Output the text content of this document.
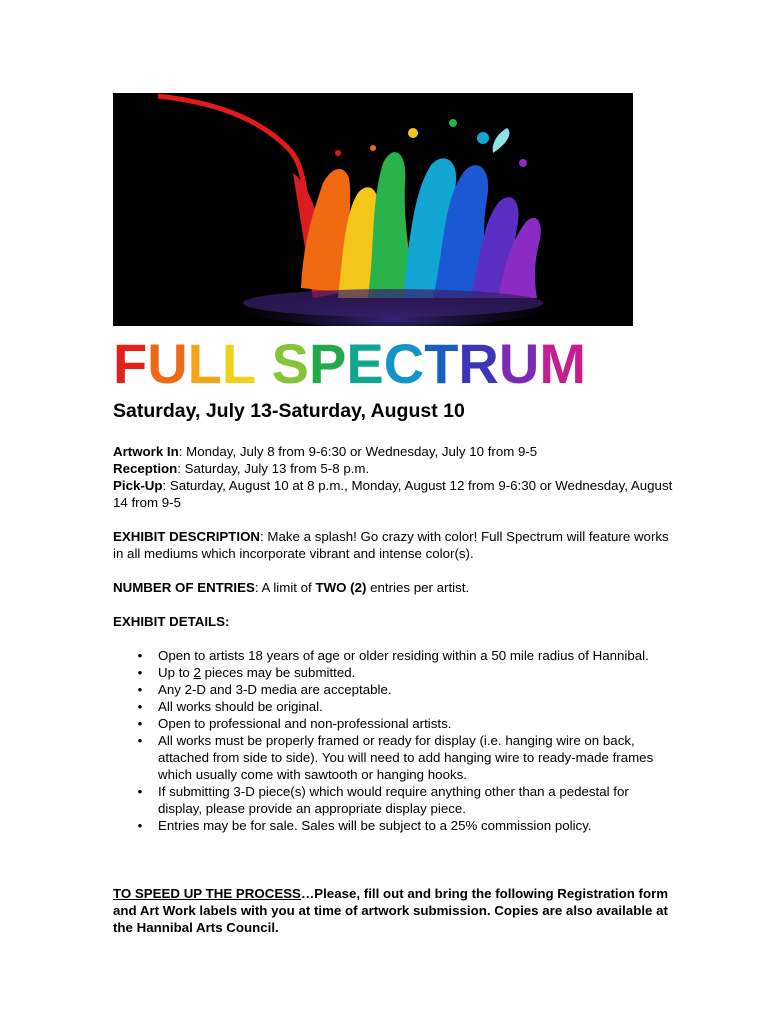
FULL SPECTRUM
Saturday, July 13-Saturday, August 10

Artwork In: Monday, July 8 from 9-6:30 or Wednesday, July 10 from 9-5

Reception: Saturday, July 13 from 5-8 p.m.

Pick-Up: Saturday, August 10 at 8 p.m., Monday, August 12 from 9-6:30 or Wednesday, August 14 from 9-5

EXHIBIT DESCRIPTION: Make a splash! Go crazy with color! Full Spectrum will feature works in all mediums which incorporate vibrant and intense color(s).

NUMBER OF ENTRIES: A limit of TWO (2) entries per artist.

EXHIBIT DETAILS:

• Open to artists 18 years of age or older residing within a 50 mile radius of Hannibal.
• Up to 2 pieces may be submitted.
• Any 2-D and 3-D media are acceptable.
• All works should be original.
• Open to professional and non-professional artists.
• All works must be properly framed or ready for display (i.e. hanging wire on back, attached from side to side). You will need to add hanging wire to ready-made frames which usually come with sawtooth or hanging hooks.
• If submitting 3-D piece(s) which would require anything other than a pedestal for display, please provide an appropriate display piece.
• Entries may be for sale. Sales will be subject to a 25% commission policy.

TO SPEED UP THE PROCESS…Please, fill out and bring the following Registration form and Art Work labels with you at time of artwork submission. Copies are also available at the Hannibal Arts Council.
